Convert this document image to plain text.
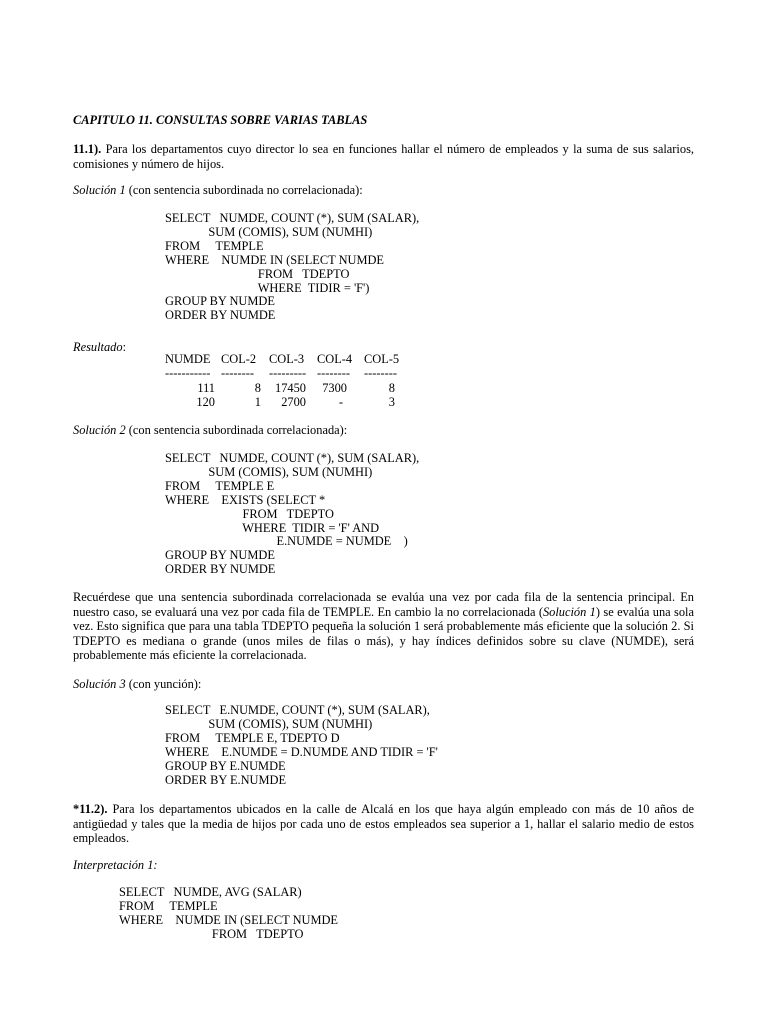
CAPITULO 11. CONSULTAS SOBRE VARIAS TABLAS

11.1). Para los departamentos cuyo director lo sea en funciones hallar el número de empleados y la suma de sus salarios, comisiones y número de hijos.

Solución 1 (con sentencia subordinada no correlacionada):

SELECT   NUMDE, COUNT (*), SUM (SALAR),
SUM (COMIS), SUM (NUMHI)
FROM     TEMPLE
WHERE    NUMDE IN (SELECT NUMDE
FROM   TDEPTO
WHERE  TIDIR = 'F')
GROUP BY NUMDE
ORDER BY NUMDE

Resultado:

NUMDE COL-2 COL-3 COL-4 COL-5
----------- -------- --------- -------- --------
111	8	17450	7300	8
120	1	2700	-	3

Solución 2 (con sentencia subordinada correlacionada):

SELECT   NUMDE, COUNT (*), SUM (SALAR),
SUM (COMIS), SUM (NUMHI)
FROM     TEMPLE E
WHERE    EXISTS (SELECT *
FROM   TDEPTO
WHERE  TIDIR = 'F' AND
E.NUMDE = NUMDE    )
GROUP BY NUMDE
ORDER BY NUMDE

Recuérdese que una sentencia subordinada correlacionada se evalúa una vez por cada fila de la sentencia principal. En nuestro caso, se evaluará una vez por cada fila de TEMPLE. En cambio la no correlacionada (Solución 1) se evalúa una sola vez. Esto significa que para una tabla TDEPTO pequeña la solución 1 será probablemente más eficiente que la solución 2. Si TDEPTO es mediana o grande (unos miles de filas o más), y hay índices definidos sobre su clave (NUMDE), será probablemente más eficiente la correlacionada.

Solución 3 (con yunción):

SELECT   E.NUMDE, COUNT (*), SUM (SALAR),
SUM (COMIS), SUM (NUMHI)
FROM     TEMPLE E, TDEPTO D
WHERE    E.NUMDE = D.NUMDE AND TIDIR = 'F'
GROUP BY E.NUMDE
ORDER BY E.NUMDE

*11.2). Para los departamentos ubicados en la calle de Alcalá en los que haya algún empleado con más de 10 años de antigüedad y tales que la media de hijos por cada uno de estos empleados sea superior a 1, hallar el salario medio de estos empleados.

Interpretación 1:

SELECT   NUMDE, AVG (SALAR)
FROM     TEMPLE
WHERE    NUMDE IN (SELECT NUMDE
FROM   TDEPTO
